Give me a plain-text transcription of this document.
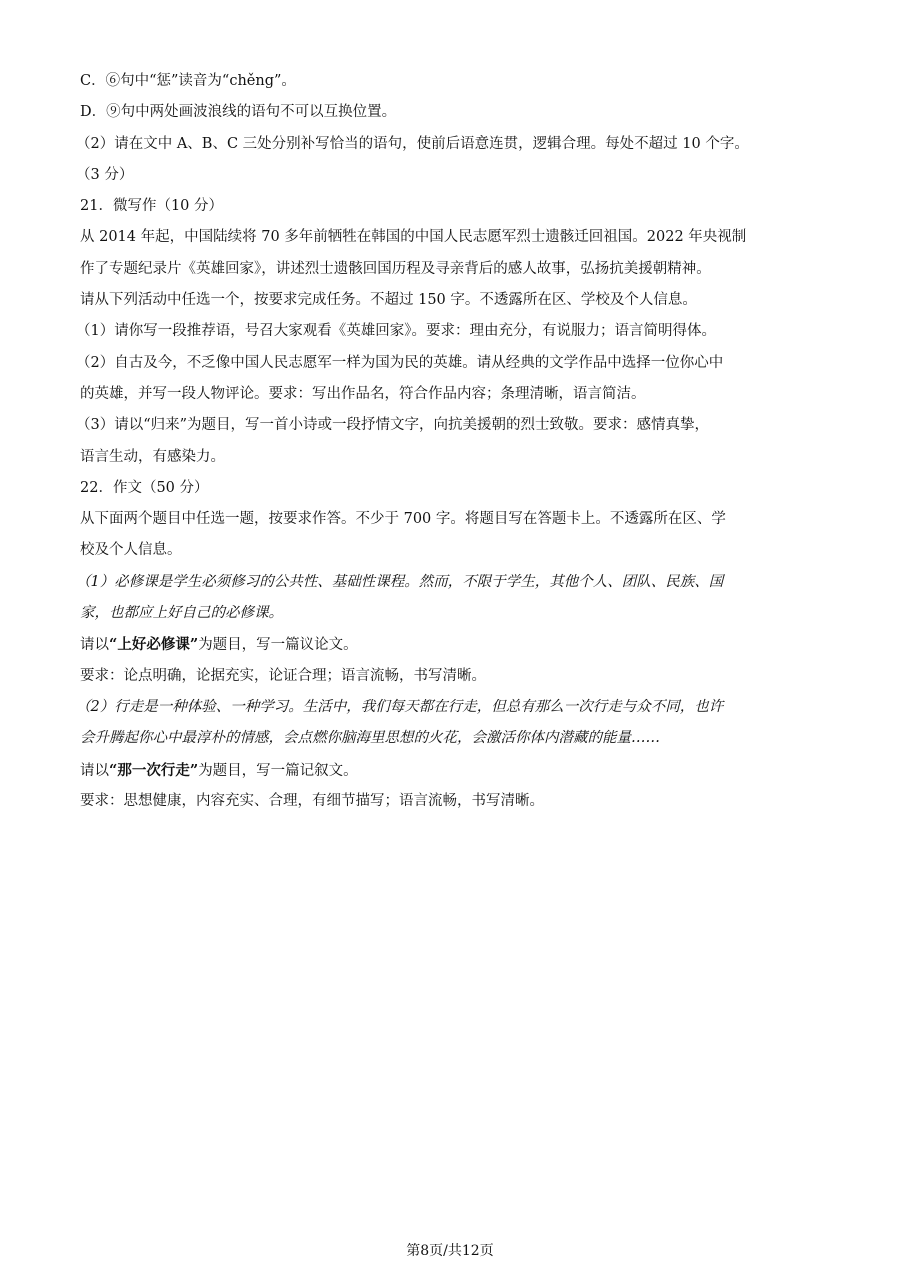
C．⑥句中“惩”读音为“chěng”。
D．⑨句中两处画波浪线的语句不可以互换位置。
（2）请在文中 A、B、C 三处分别补写恰当的语句，使前后语意连贯，逻辑合理。每处不超过 10 个字。
（3 分）
21．微写作（10 分）
从 2014 年起，中国陆续将 70 多年前牺牲在韩国的中国人民志愿军烈士遗骸迁回祖国。2022 年央视制
作了专题纪录片《英雄回家》，讲述烈士遗骸回国历程及寻亲背后的感人故事，弘扬抗美援朝精神。
请从下列活动中任选一个，按要求完成任务。不超过 150 字。不透露所在区、学校及个人信息。
（1）请你写一段推荐语，号召大家观看《英雄回家》。要求：理由充分，有说服力；语言简明得体。
（2）自古及今，不乏像中国人民志愿军一样为国为民的英雄。请从经典的文学作品中选择一位你心中
的英雄，并写一段人物评论。要求：写出作品名，符合作品内容；条理清晰，语言简洁。
（3）请以“归来”为题目，写一首小诗或一段抒情文字，向抗美援朝的烈士致敬。要求：感情真挚，
语言生动，有感染力。
22．作文（50 分）
从下面两个题目中任选一题，按要求作答。不少于 700 字。将题目写在答题卡上。不透露所在区、学
校及个人信息。
（1）必修课是学生必须修习的公共性、基础性课程。然而，不限于学生，其他个人、团队、民族、国
家，也都应上好自己的必修课。
请以“上好必修课”为题目，写一篇议论文。
要求：论点明确，论据充实，论证合理；语言流畅，书写清晰。
（2）行走是一种体验、一种学习。生活中，我们每天都在行走，但总有那么一次行走与众不同，也许
会升腾起你心中最淳朴的情感，会点燃你脑海里思想的火花，会激活你体内潜藏的能量……
请以“那一次行走”为题目，写一篇记叙文。
要求：思想健康，内容充实、合理，有细节描写；语言流畅，书写清晰。
第8页/共12页
